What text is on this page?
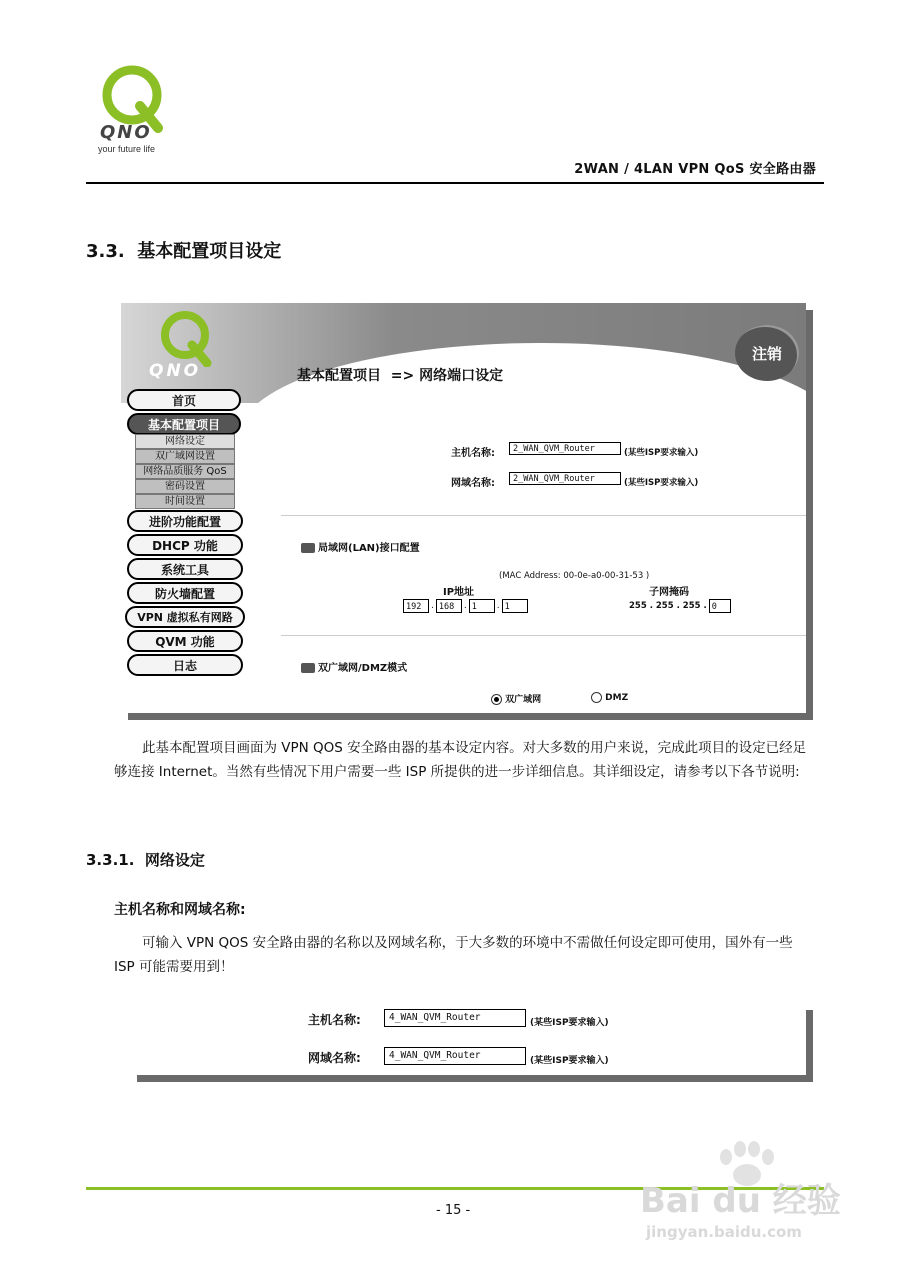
QNO
your future life
2WAN / 4LAN VPN QoS 安全路由器
3.3.  基本配置项目设定
QNO
注销
基本配置项目  => 网络端口设定
首页
基本配置项目
网络设定
双广域网设置
网络品质服务 QoS
密码设置
时间设置
进阶功能配置
DHCP 功能
系统工具
防火墙配置
VPN 虚拟私有网路
QVM 功能
日志
主机名称:	2_WAN_QVM_Router	(某些ISP要求输入)
网域名称:	2_WAN_QVM_Router	(某些ISP要求输入)
局域网(LAN)接口配置
(MAC Address: 00-0e-a0-00-31-53 )
IP地址
192	. 168	. 1	. 1
子网掩码
255 . 255 . 255 . 0
双广域网/DMZ模式
双广域网	DMZ
此基本配置项目画面为 VPN QOS 安全路由器的基本设定内容。对大多数的用户来说，完成此项目的设定已经足够连接 Internet。当然有些情况下用户需要一些 ISP 所提供的进一步详细信息。其详细设定，请参考以下各节说明:
3.3.1.  网络设定
主机名称和网域名称:
可输入 VPN QOS 安全路由器的名称以及网域名称，于大多数的环境中不需做任何设定即可使用，国外有一些 ISP 可能需要用到！
主机名称:	4_WAN_QVM_Router	(某些ISP要求输入)
网域名称:	4_WAN_QVM_Router	(某些ISP要求输入)
- 15 -	Bai du 经验
jingyan.baidu.com
